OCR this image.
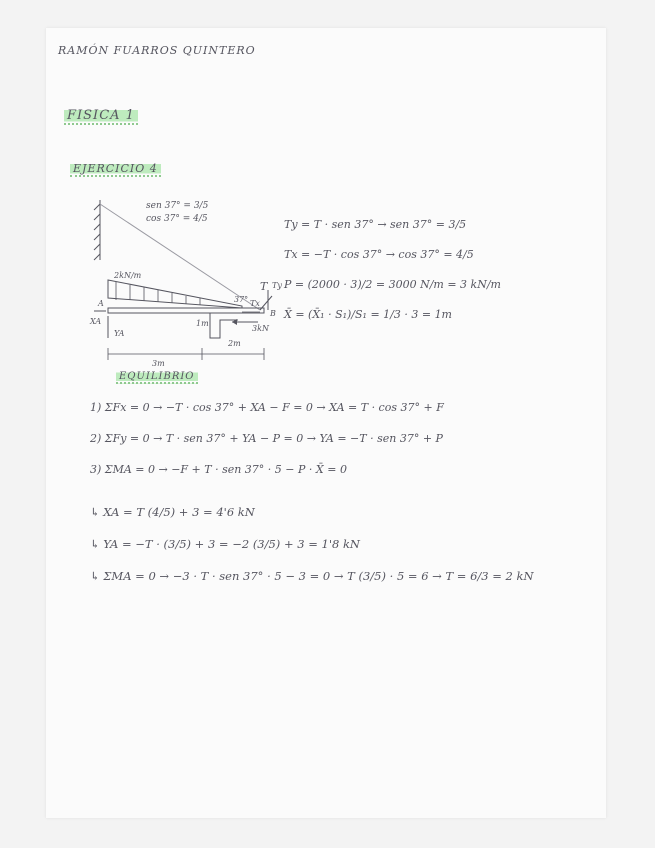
RAMÓN FUARROS QUINTERO
FISICA 1
EJERCICIO 4
sen 37° = 3/5
cos 37° = 4/5
2kN/m
T Ty
Tx
37°
A
B
XA
YA
1m
3kN
3m
2m
Ty = T · sen 37° → sen 37° = 3/5
Tx = −T · cos 37° → cos 37° = 4/5
P = (2000 · 3)/2 = 3000 N/m = 3 kN/m
X̄ = (X̄₁ · S₁)/S₁ = 1/3 · 3 = 1m
EQUILIBRIO
1) ΣFx = 0 → −T · cos 37° + XA − F = 0 → XA = T · cos 37° + F
2) ΣFy = 0 → T · sen 37° + YA − P = 0 → YA = −T · sen 37° + P
3) ΣMA = 0 → −F + T · sen 37° · 5 − P · X̄ = 0
↳ XA = T (4/5) + 3 = 4'6 kN
↳ YA = −T · (3/5) + 3 = −2 (3/5) + 3 = 1'8 kN
↳ ΣMA = 0 → −3 · T · sen 37° · 5 − 3 = 0 → T (3/5) · 5 = 6 → T = 6/3 = 2 kN
